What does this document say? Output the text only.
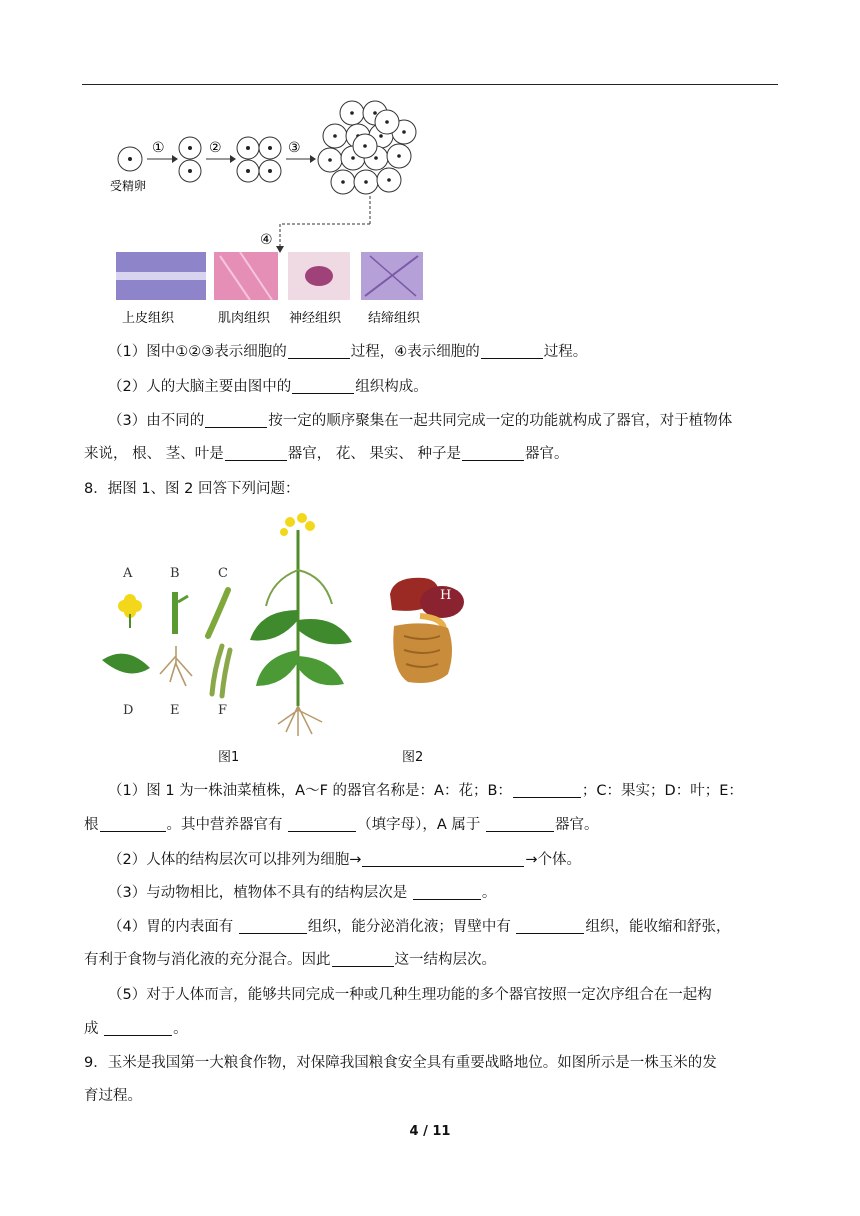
①	②	③
④
受精卵
上皮组织	肌肉组织 神经组织 结缔组织
（1）图中①②③表示细胞的	过程，④表示细胞的	过程。
（2）人的大脑主要由图中的	组织构成。
（3）由不同的	按一定的顺序聚集在一起共同完成一定的功能就构成了器官，对于植物体
来说， 根、 茎、叶是	器官， 花、 果实、 种子是	器官。
8．据图 1、图 2 回答下列问题：
A	B	C
D	E	F
图1
H
图2
（1）图 1 为一株油菜植株，A～F 的器官名称是：A：花；B：	；C：果实；D：叶；E：
根	。其中营养器官有	（填字母），A 属于	器官。
（2）人体的结构层次可以排列为细胞→	→个体。
（3）与动物相比，植物体不具有的结构层次是	。
（4）胃的内表面有	组织，能分泌消化液；胃壁中有	组织，能收缩和舒张，
有利于食物与消化液的充分混合。因此	这一结构层次。
（5）对于人体而言，能够共同完成一种或几种生理功能的多个器官按照一定次序组合在一起构
成	。
9．玉米是我国第一大粮食作物，对保障我国粮食安全具有重要战略地位。如图所示是一株玉米的发
育过程。
4 / 11
